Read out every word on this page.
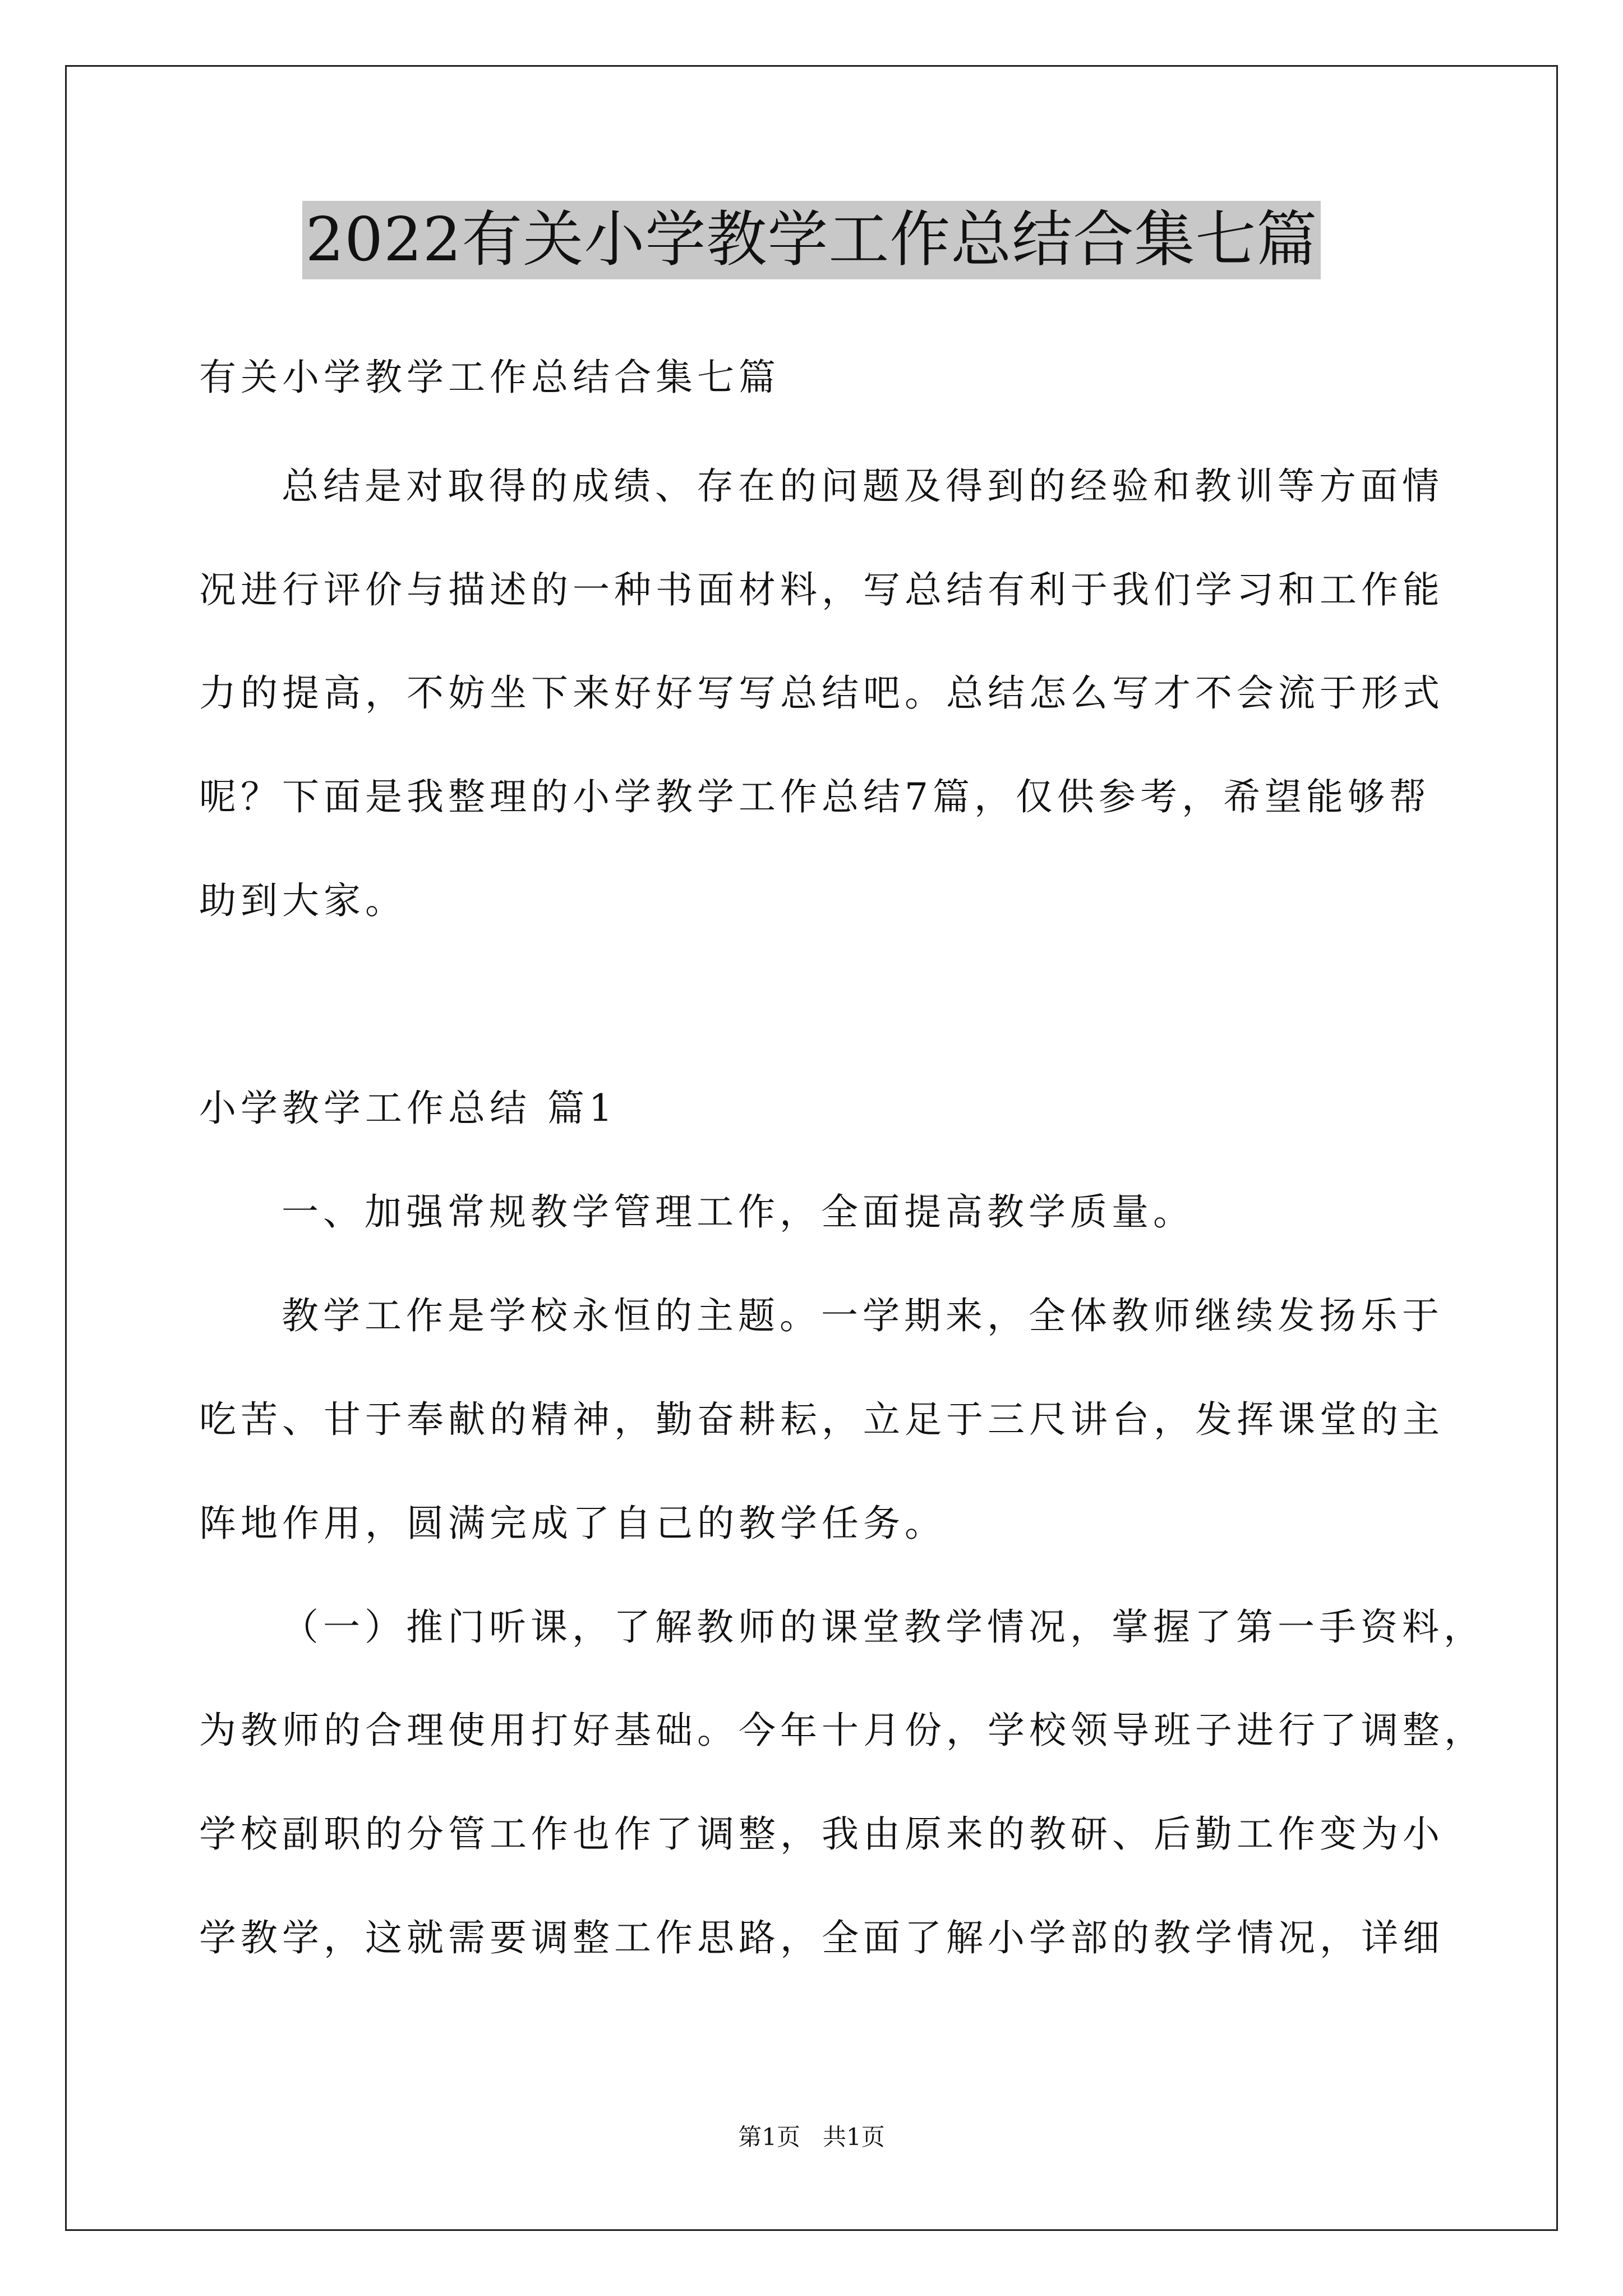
2022有关小学教学工作总结合集七篇
有关小学教学工作总结合集七篇
总结是对取得的成绩、存在的问题及得到的经验和教训等方面情
况进行评价与描述的一种书面材料，写总结有利于我们学习和工作能
力的提高，不妨坐下来好好写写总结吧。总结怎么写才不会流于形式
呢？下面是我整理的小学教学工作总结7篇，仅供参考，希望能够帮
助到大家。
小学教学工作总结 篇1
一、加强常规教学管理工作，全面提高教学质量。
教学工作是学校永恒的主题。一学期来，全体教师继续发扬乐于
吃苦、甘于奉献的精神，勤奋耕耘，立足于三尺讲台，发挥课堂的主
阵地作用，圆满完成了自己的教学任务。
（一）推门听课，了解教师的课堂教学情况，掌握了第一手资料，
为教师的合理使用打好基础。今年十月份，学校领导班子进行了调整，
学校副职的分管工作也作了调整，我由原来的教研、后勤工作变为小
学教学，这就需要调整工作思路，全面了解小学部的教学情况，详细
第1页   共1页
